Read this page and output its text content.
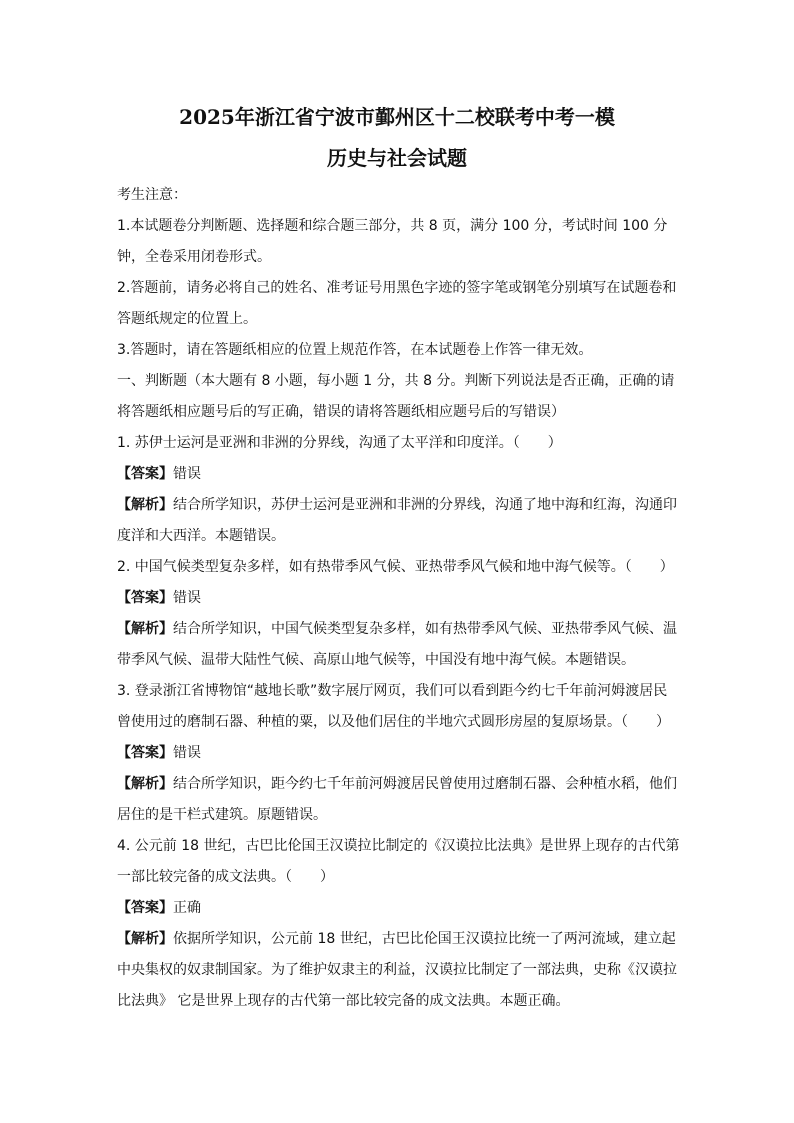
2025年浙江省宁波市鄞州区十二校联考中考一模
历史与社会试题
考生注意：
1.本试题卷分判断题、选择题和综合题三部分，共 8 页，满分 100 分，考试时间 100 分钟，全卷采用闭卷形式。
2.答题前，请务必将自己的姓名、准考证号用黑色字迹的签字笔或钢笔分别填写在试题卷和答题纸规定的位置上。
3.答题时，请在答题纸相应的位置上规范作答，在本试题卷上作答一律无效。
一、判断题（本大题有 8 小题，每小题 1 分，共 8 分。判断下列说法是否正确，正确的请将答题纸相应题号后的写正确，错误的请将答题纸相应题号后的写错误）
1. 苏伊士运河是亚洲和非洲的分界线，沟通了太平洋和印度洋。（　　）
【答案】错误
【解析】结合所学知识，苏伊士运河是亚洲和非洲的分界线，沟通了地中海和红海，沟通印度洋和大西洋。本题错误。
2. 中国气候类型复杂多样，如有热带季风气候、亚热带季风气候和地中海气候等。（　　）
【答案】错误
【解析】结合所学知识，中国气候类型复杂多样，如有热带季风气候、亚热带季风气候、温带季风气候、温带大陆性气候、高原山地气候等，中国没有地中海气候。本题错误。
3. 登录浙江省博物馆“越地长歌”数字展厅网页，我们可以看到距今约七千年前河姆渡居民曾使用过的磨制石器、种植的粟，以及他们居住的半地穴式圆形房屋的复原场景。（　　）
【答案】错误
【解析】结合所学知识，距今约七千年前河姆渡居民曾使用过磨制石器、会种植水稻，他们居住的是干栏式建筑。原题错误。
4. 公元前 18 世纪，古巴比伦国王汉谟拉比制定的《汉谟拉比法典》是世界上现存的古代第一部比较完备的成文法典。（　　）
【答案】正确
【解析】依据所学知识，公元前 18 世纪，古巴比伦国王汉谟拉比统一了两河流域，建立起中央集权的奴隶制国家。为了维护奴隶主的利益，汉谟拉比制定了一部法典，史称《汉谟拉比法典》 它是世界上现存的古代第一部比较完备的成文法典。本题正确。
